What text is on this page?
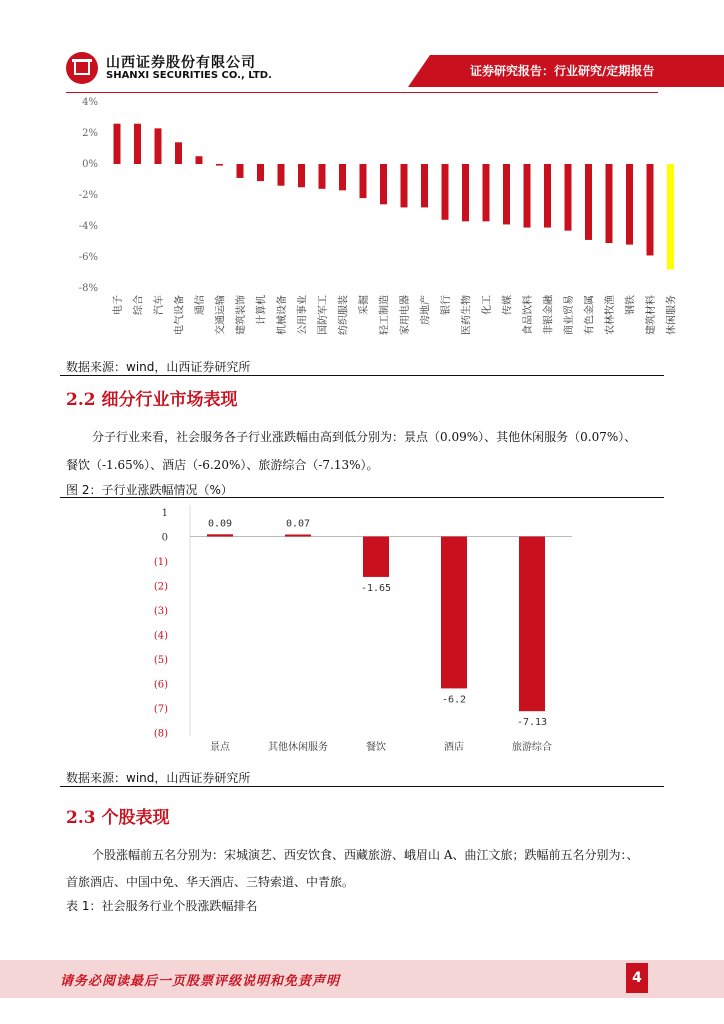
山西证券股份有限公司
SHANXI SECURITIES CO., LTD.	证券研究报告：行业研究/定期报告
4%
2%
0%
-2%
-4%
-6%
-8%
电子 综合 汽车 电气设备 通信 交通运输 建筑装饰 计算机 机械设备 公用事业 国防军工 纺织服装 采掘 轻工制造 家用电器 房地产 银行 医药生物 化工 传媒 食品饮料 非银金融 商业贸易 有色金属 农林牧渔 钢铁 建筑材料 休闲服务
数据来源：wind，山西证券研究所
2.2 细分行业市场表现
分子行业来看，社会服务各子行业涨跌幅由高到低分别为：景点（0.09%）、其他休闲服务（0.07%）、
餐饮（-1.65%）、酒店（-6.20%）、旅游综合（-7.13%）。
图 2：子行业涨跌幅情况（%）
1
0
(1)
(2)
(3)
(4)
(5)
(6)
(7)
(8)
0.09
景点
0.07
其他休闲服务
-1.65
餐饮
-6.2
酒店
-7.13
旅游综合
数据来源：wind，山西证券研究所
2.3 个股表现
个股涨幅前五名分别为：宋城演艺、西安饮食、西藏旅游、峨眉山 A、曲江文旅；跌幅前五名分别为：、
首旅酒店、中国中免、华天酒店、三特索道、中青旅。
表 1：社会服务行业个股涨跌幅排名
请务必阅读最后一页股票评级说明和免责声明	4
